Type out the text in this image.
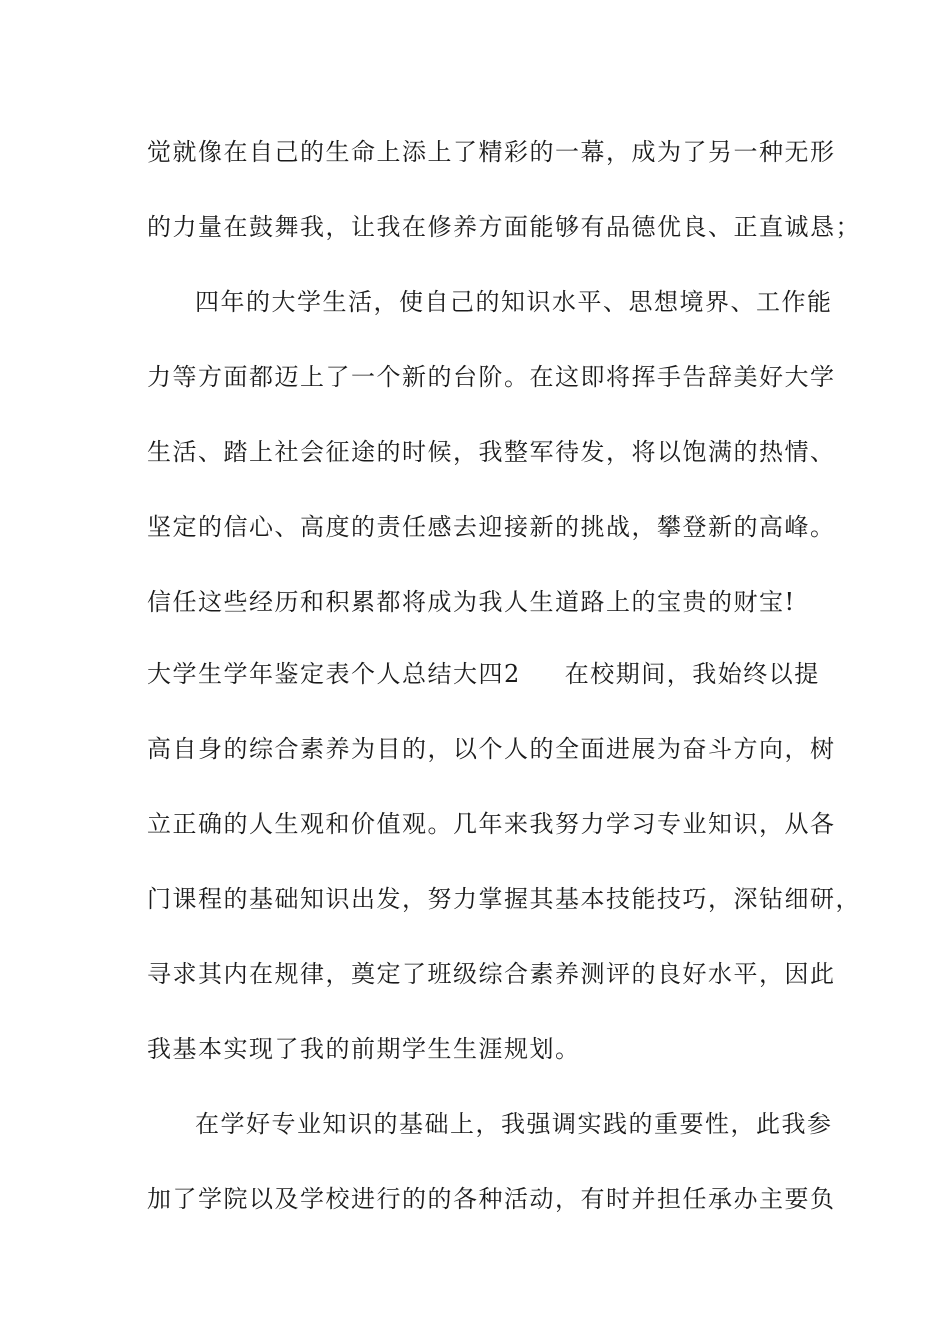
觉就像在自己的生命上添上了精彩的一幕，成为了另一种无形
的力量在鼓舞我，让我在修养方面能够有品德优良、正直诚恳；
四年的大学生活，使自己的知识水平、思想境界、工作能
力等方面都迈上了一个新的台阶。在这即将挥手告辞美好大学
生活、踏上社会征途的时候，我整军待发，将以饱满的热情、
坚定的信心、高度的责任感去迎接新的挑战，攀登新的高峰。
信任这些经历和积累都将成为我人生道路上的宝贵的财宝!
大学生学年鉴定表个人总结大四2 在校期间，我始终以提
高自身的综合素养为目的，以个人的全面进展为奋斗方向，树
立正确的人生观和价值观。几年来我努力学习专业知识，从各
门课程的基础知识出发，努力掌握其基本技能技巧，深钻细研，
寻求其内在规律，奠定了班级综合素养测评的良好水平，因此
我基本实现了我的前期学生生涯规划。
在学好专业知识的基础上，我强调实践的重要性，此我参
加了学院以及学校进行的的各种活动，有时并担任承办主要负
